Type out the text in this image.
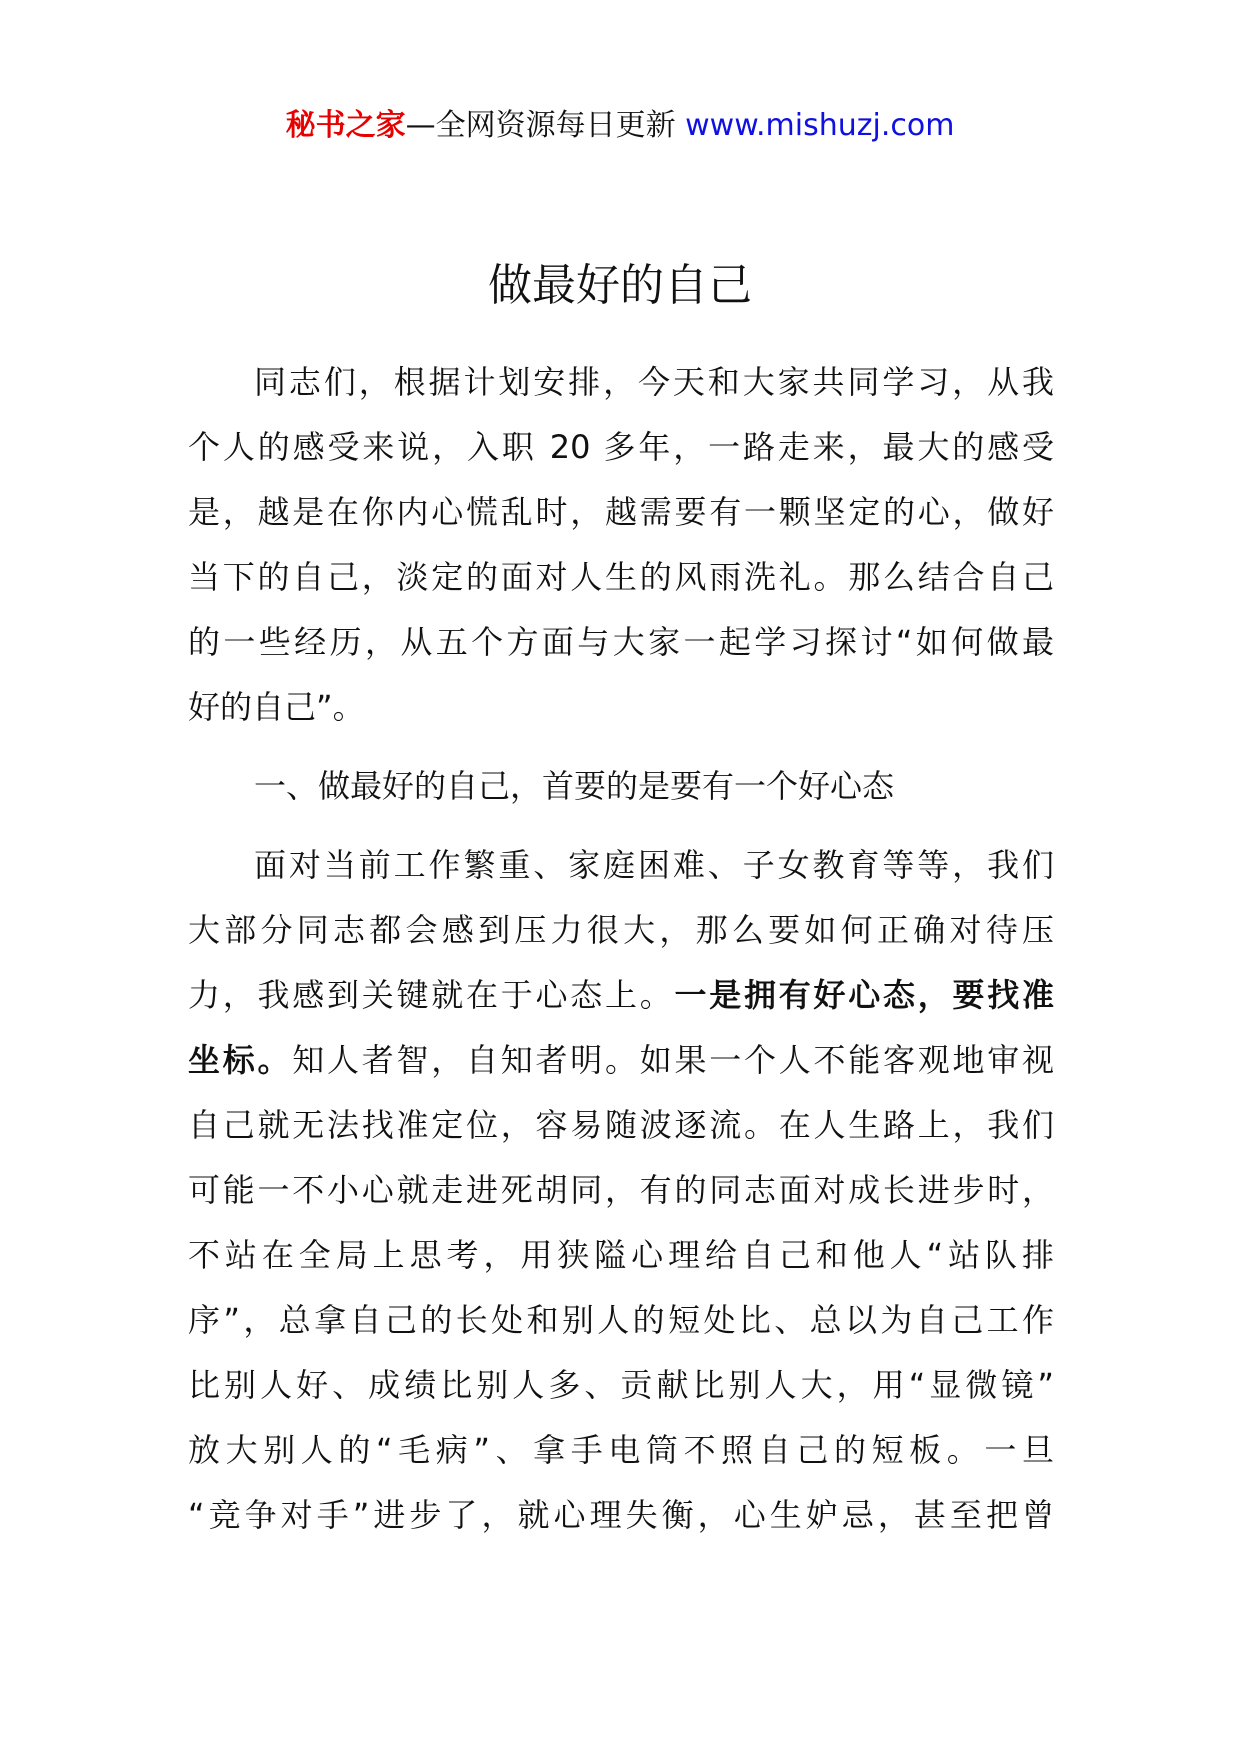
秘书之家—全网资源每日更新 www.mishuzj.com
做最好的自己
同志们，根据计划安排，今天和大家共同学习，从我
个人的感受来说，入职 20 多年，一路走来，最大的感受
是，越是在你内心慌乱时，越需要有一颗坚定的心，做好
当下的自己，淡定的面对人生的风雨洗礼。那么结合自己
的一些经历，从五个方面与大家一起学习探讨“如何做最
好的自己”。
一、做最好的自己，首要的是要有一个好心态
面对当前工作繁重、家庭困难、子女教育等等，我们
大部分同志都会感到压力很大，那么要如何正确对待压
力，我感到关键就在于心态上。一是拥有好心态，要找准
坐标。知人者智，自知者明。如果一个人不能客观地审视
自己就无法找准定位，容易随波逐流。在人生路上，我们
可能一不小心就走进死胡同，有的同志面对成长进步时，
不站在全局上思考，用狭隘心理给自己和他人“站队排
序”，总拿自己的长处和别人的短处比、总以为自己工作
比别人好、成绩比别人多、贡献比别人大，用“显微镜”
放大别人的“毛病”、拿手电筒不照自己的短板。一旦
“竞争对手”进步了，就心理失衡，心生妒忌，甚至把曾
